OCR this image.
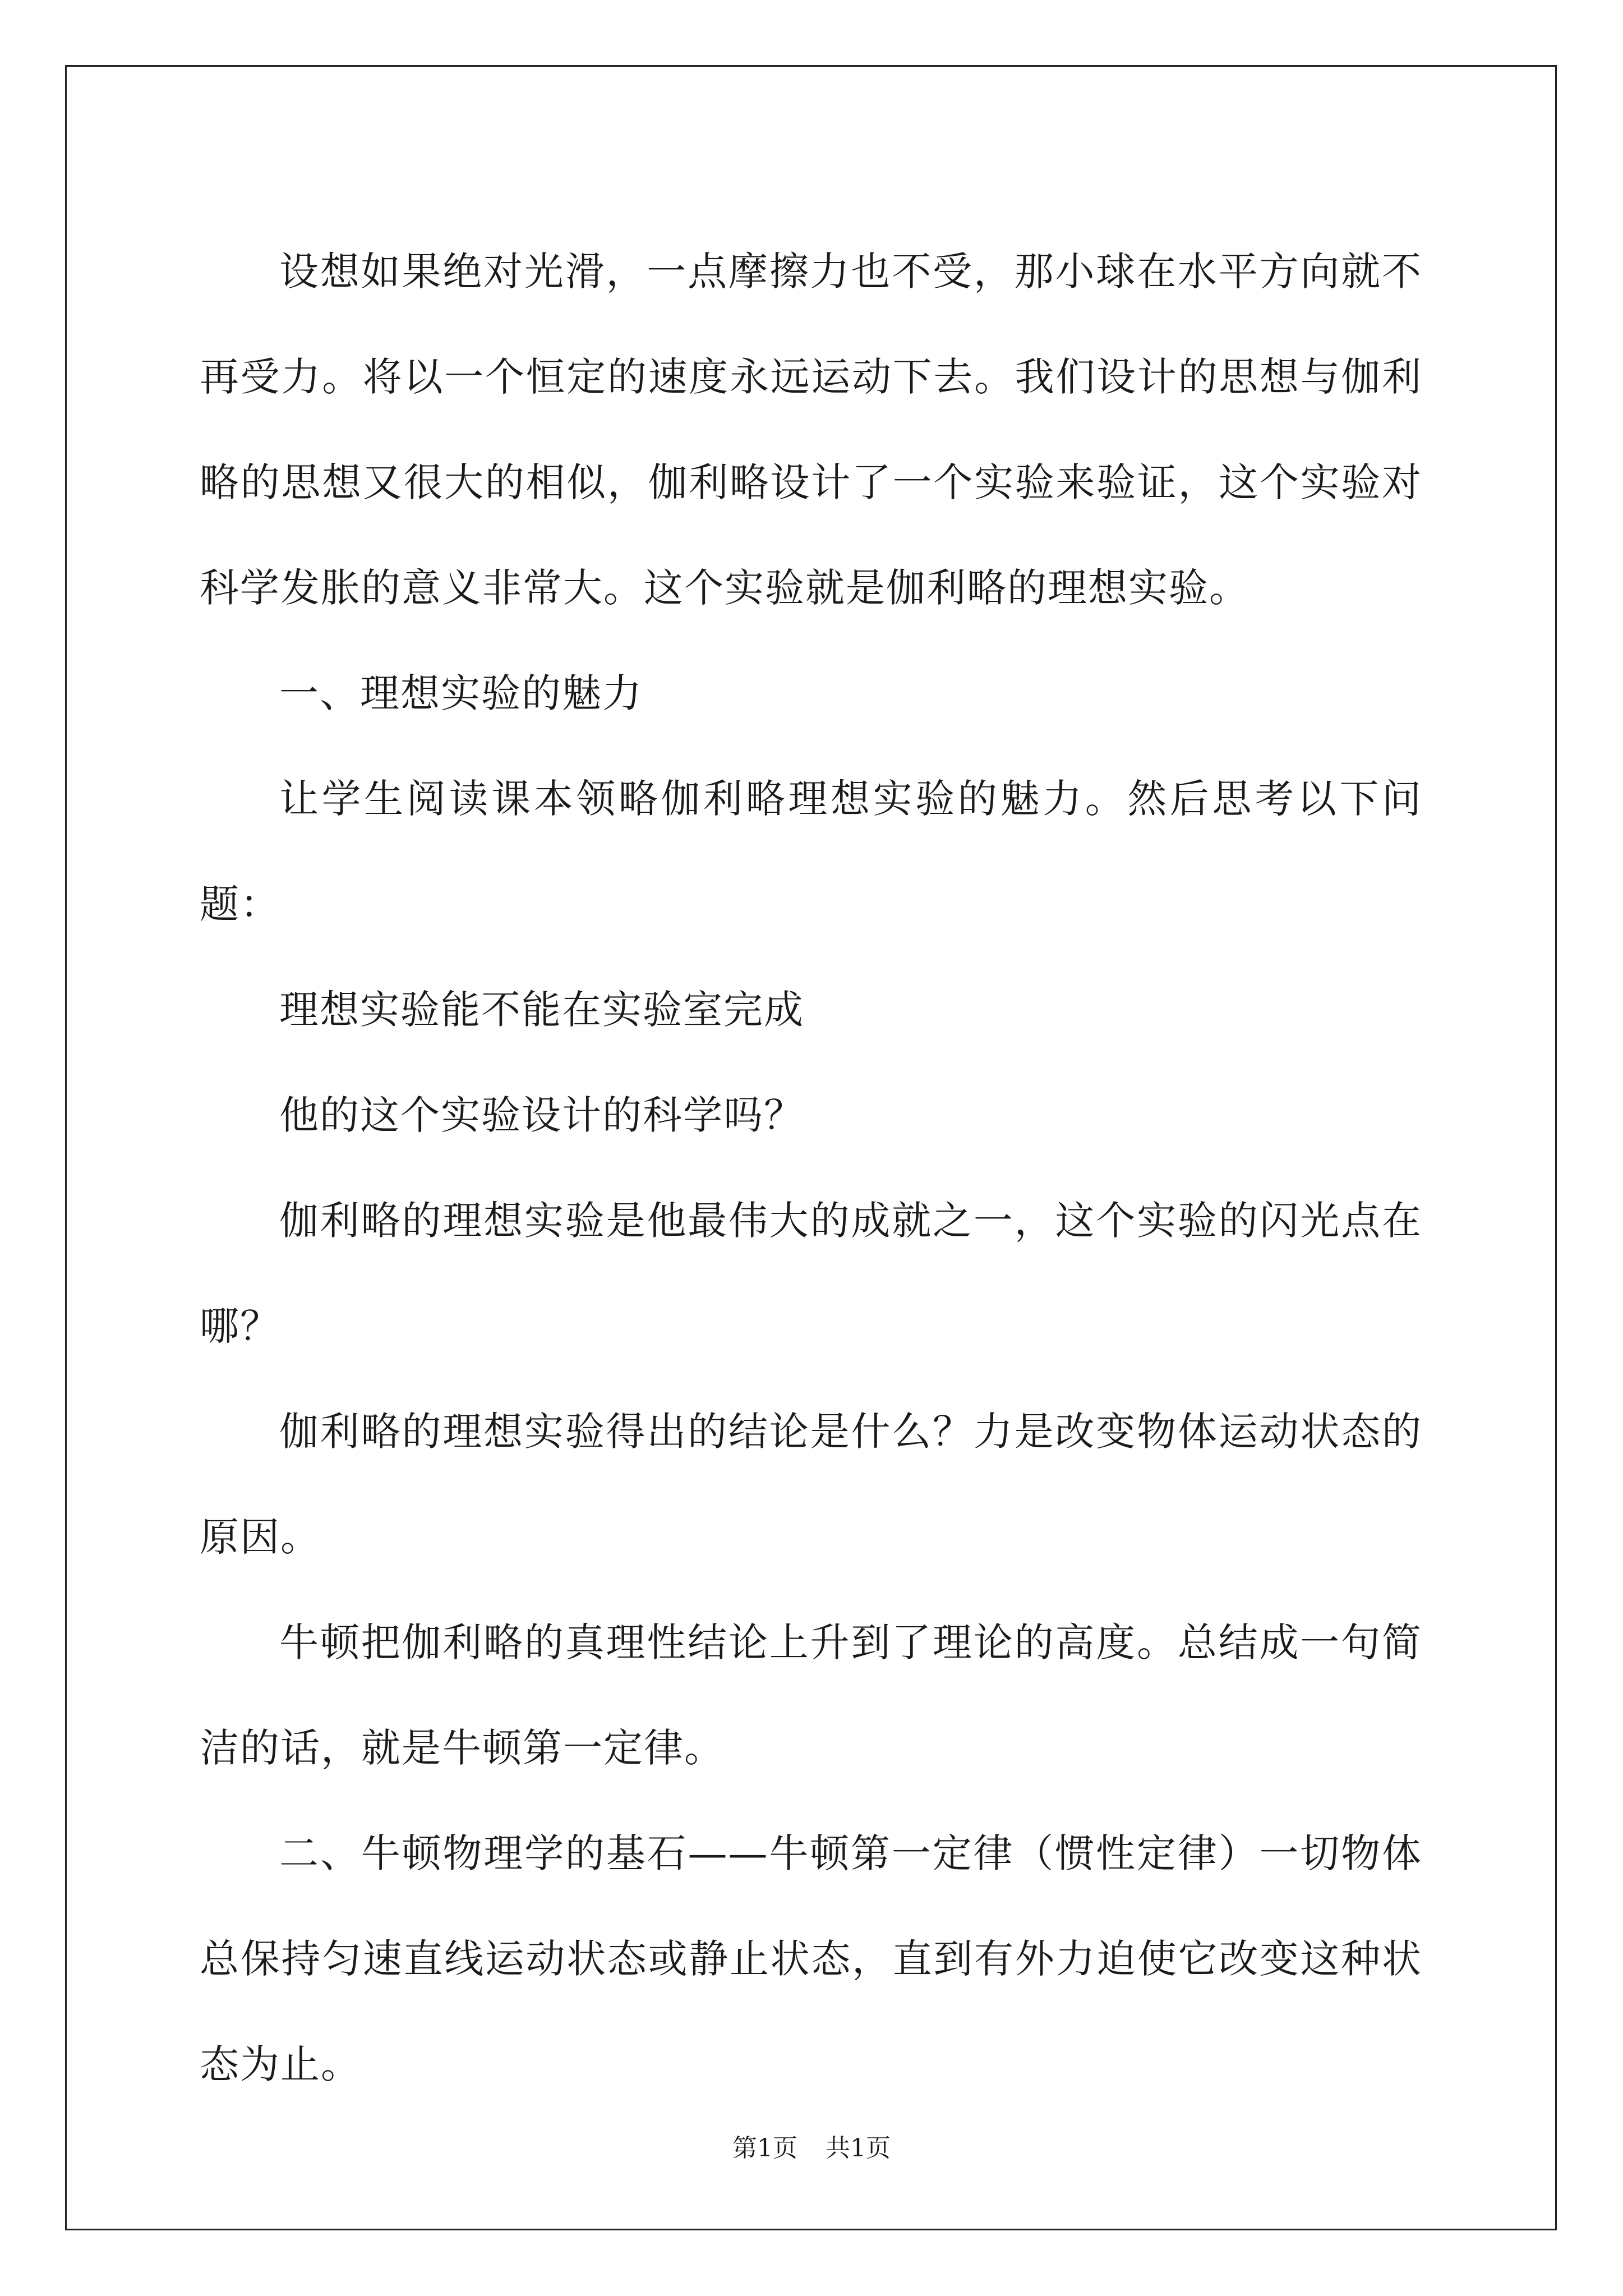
设想如果绝对光滑，一点摩擦力也不受，那小球在水平方向就不再受力。将以一个恒定的速度永远运动下去。我们设计的思想与伽利略的思想又很大的相似，伽利略设计了一个实验来验证，这个实验对科学发胀的意义非常大。这个实验就是伽利略的理想实验。

一、理想实验的魅力

让学生阅读课本领略伽利略理想实验的魅力。然后思考以下问题：

理想实验能不能在实验室完成

他的这个实验设计的科学吗？

伽利略的理想实验是他最伟大的成就之一，这个实验的闪光点在哪？

伽利略的理想实验得出的结论是什么？力是改变物体运动状态的原因。

牛顿把伽利略的真理性结论上升到了理论的高度。总结成一句简洁的话，就是牛顿第一定律。

二、牛顿物理学的基石——牛顿第一定律（惯性定律）一切物体总保持匀速直线运动状态或静止状态，直到有外力迫使它改变这种状态为止。

第1页 共1页
